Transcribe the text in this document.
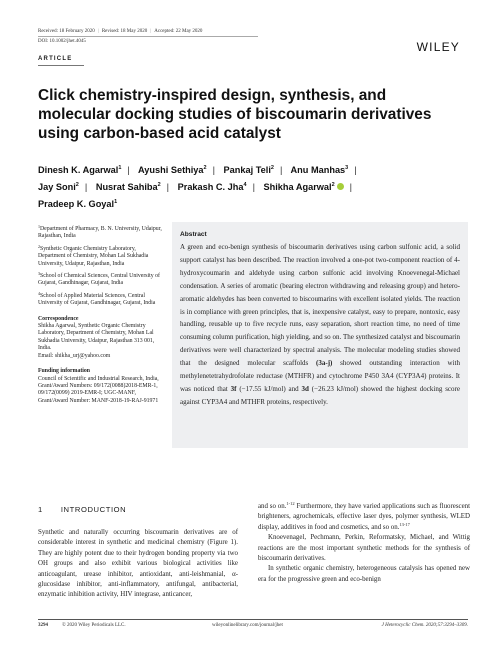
Received: 18 February 2020 | Revised: 18 May 2020 | Accepted: 22 May 2020
DOI: 10.1002/jhet.4045	WILEY
ARTICLE
Click chemistry-inspired design, synthesis, and molecular docking studies of biscoumarin derivatives using carbon-based acid catalyst
Dinesh K. Agarwal$^1$ | Ayushi Sethiya$^2$ | Pankaj Teli$^2$ | Anu Manhas$^3$ |
Jay Soni$^2$ | Nusrat Sahiba$^2$ | Prakash C. Jha$^4$ | Shikha Agarwal$^2$ |
Pradeep K. Goyal$^1$

$^1$Department of Pharmacy, B. N. University, Udaipur, Rajasthan, India

$^2$Synthetic Organic Chemistry Laboratory, Department of Chemistry, Mohan Lal Sukhadia University, Udaipur, Rajasthan, India

$^3$School of Chemical Sciences, Central University of Gujarat, Gandhinagar, Gujarat, India

$^4$School of Applied Material Sciences, Central University of Gujarat, Gandhinagar, Gujarat, India

Correspondence

Shikha Agarwal, Synthetic Organic Chemistry Laboratory, Department of Chemistry, Mohan Lal Sukhadia University, Udaipur, Rajasthan 313 001, India.

Email: shikha_urj@yahoo.com

Funding information

Council of Scientific and Industrial Research, India, Grant/Award Numbers: 09/172(0088)2018-EMR-1, 09/172(0099) 2019-EMR-I; UGC-MANF, Grant/Award Number: MANF-2018-19-RAJ-91971

Abstract
A green and eco-benign synthesis of biscoumarin derivatives using carbon sulfonic acid, a solid support catalyst has been described. The reaction involved a one-pot two-component reaction of 4-hydroxycoumarin and aldehyde using carbon sulfonic acid involving Knoevenegal-Michael condensation. A series of aromatic (bearing electron withdrawing and releasing group) and hetero-aromatic aldehydes has been converted to biscoumarins with excellent isolated yields. The reaction is in compliance with green principles, that is, inexpensive catalyst, easy to prepare, nontoxic, easy handling, reusable up to five recycle runs, easy separation, short reaction time, no need of time consuming column purification, high yielding, and so on. The synthesized catalyst and biscoumarin derivatives were well characterized by spectral analysis. The molecular modeling studies showed that the designed molecular scaffolds (3a-j) showed outstanding interaction with methylenetetrahydrofolate reductase (MTHFR) and cytochrome P450 3A4 (CYP3A4) proteins. It was noticed that 3f (−17.55 kJ/mol) and 3d (−26.23 kJ/mol) showed the highest docking score against CYP3A4 and MTHFR proteins, respectively.
1 INTRODUCTION

Synthetic and naturally occurring biscoumarin derivatives are of considerable interest in synthetic and medicinal chemistry (Figure 1). They are highly potent due to their hydrogen bonding property via two OH groups and also exhibit various biological activities like anticoagulant, urease inhibitor, antioxidant, anti-leishmanial, α-glucosidase inhibitor, anti-inflammatory, antifungal, antibacterial, enzymatic inhibition activity, HIV integrase, anticancer,

and so on.$^{1-12}$ Furthermore, they have varied applications such as fluorescent brighteners, agrochemicals, effective laser dyes, polymer synthesis, WLED display, additives in food and cosmetics, and so on.$^{13-17}$

Knoevenagel, Pechmann, Perkin, Reformatsky, Michael, and Wittig reactions are the most important synthetic methods for the synthesis of biscoumarin derivatives.

In synthetic organic chemistry, heterogeneous catalysis has opened new era for the progressive green and eco-benign

3294	© 2020 Wiley Periodicals LLC.	wileyonlinelibrary.com/journal/jhet	J Heterocyclic Chem. 2020;57:3294–3309.
